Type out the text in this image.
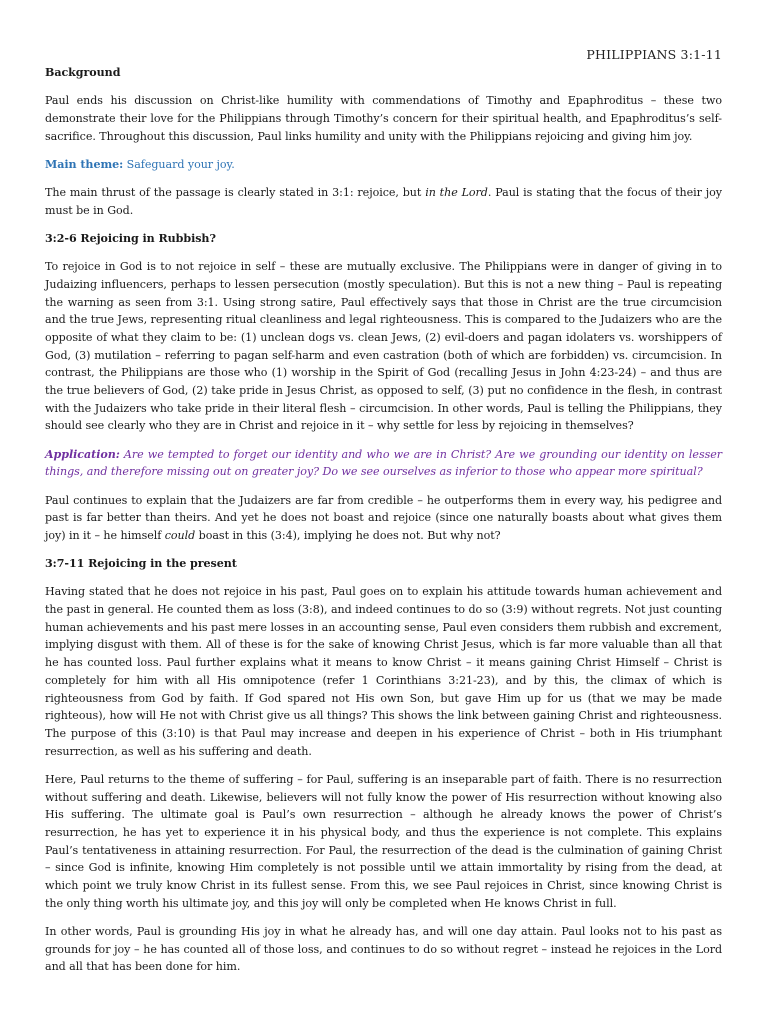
PHILIPPIANS 3:1-11

Background

Paul ends his discussion on Christ-like humility with commendations of Timothy and Epaphroditus – these two demonstrate their love for the Philippians through Timothy’s concern for their spiritual health, and Epaphroditus’s self-sacrifice. Throughout this discussion, Paul links humility and unity with the Philippians rejoicing and giving him joy.

Main theme: Safeguard your joy.

The main thrust of the passage is clearly stated in 3:1: rejoice, but in the Lord. Paul is stating that the focus of their joy must be in God.

3:2-6 Rejoicing in Rubbish?

To rejoice in God is to not rejoice in self – these are mutually exclusive. The Philippians were in danger of giving in to Judaizing influencers, perhaps to lessen persecution (mostly speculation). But this is not a new thing – Paul is repeating the warning as seen from 3:1. Using strong satire, Paul effectively says that those in Christ are the true circumcision and the true Jews, representing ritual cleanliness and legal righteousness. This is compared to the Judaizers who are the opposite of what they claim to be: (1) unclean dogs vs. clean Jews, (2) evil-doers and pagan idolaters vs. worshippers of God, (3) mutilation – referring to pagan self-harm and even castration (both of which are forbidden) vs. circumcision. In contrast, the Philippians are those who (1) worship in the Spirit of God (recalling Jesus in John 4:23-24) – and thus are the true believers of God, (2) take pride in Jesus Christ, as opposed to self, (3) put no confidence in the flesh, in contrast with the Judaizers who take pride in their literal flesh – circumcision. In other words, Paul is telling the Philippians, they should see clearly who they are in Christ and rejoice in it – why settle for less by rejoicing in themselves?

Application: Are we tempted to forget our identity and who we are in Christ? Are we grounding our identity on lesser things, and therefore missing out on greater joy? Do we see ourselves as inferior to those who appear more spiritual?

Paul continues to explain that the Judaizers are far from credible – he outperforms them in every way, his pedigree and past is far better than theirs. And yet he does not boast and rejoice (since one naturally boasts about what gives them joy) in it – he himself could boast in this (3:4), implying he does not. But why not?

3:7-11 Rejoicing in the present

Having stated that he does not rejoice in his past, Paul goes on to explain his attitude towards human achievement and the past in general. He counted them as loss (3:8), and indeed continues to do so (3:9) without regrets. Not just counting human achievements and his past mere losses in an accounting sense, Paul even considers them rubbish and excrement, implying disgust with them. All of these is for the sake of knowing Christ Jesus, which is far more valuable than all that he has counted loss. Paul further explains what it means to know Christ – it means gaining Christ Himself – Christ is completely for him with all His omnipotence (refer 1 Corinthians 3:21-23), and by this, the climax of which is righteousness from God by faith. If God spared not His own Son, but gave Him up for us (that we may be made righteous), how will He not with Christ give us all things? This shows the link between gaining Christ and righteousness. The purpose of this (3:10) is that Paul may increase and deepen in his experience of Christ – both in His triumphant resurrection, as well as his suffering and death.

Here, Paul returns to the theme of suffering – for Paul, suffering is an inseparable part of faith. There is no resurrection without suffering and death. Likewise, believers will not fully know the power of His resurrection without knowing also His suffering. The ultimate goal is Paul’s own resurrection – although he already knows the power of Christ’s resurrection, he has yet to experience it in his physical body, and thus the experience is not complete. This explains Paul’s tentativeness in attaining resurrection. For Paul, the resurrection of the dead is the culmination of gaining Christ – since God is infinite, knowing Him completely is not possible until we attain immortality by rising from the dead, at which point we truly know Christ in its fullest sense. From this, we see Paul rejoices in Christ, since knowing Christ is the only thing worth his ultimate joy, and this joy will only be completed when He knows Christ in full.

In other words, Paul is grounding His joy in what he already has, and will one day attain. Paul looks not to his past as grounds for joy – he has counted all of those loss, and continues to do so without regret – instead he rejoices in the Lord and all that has been done for him.
